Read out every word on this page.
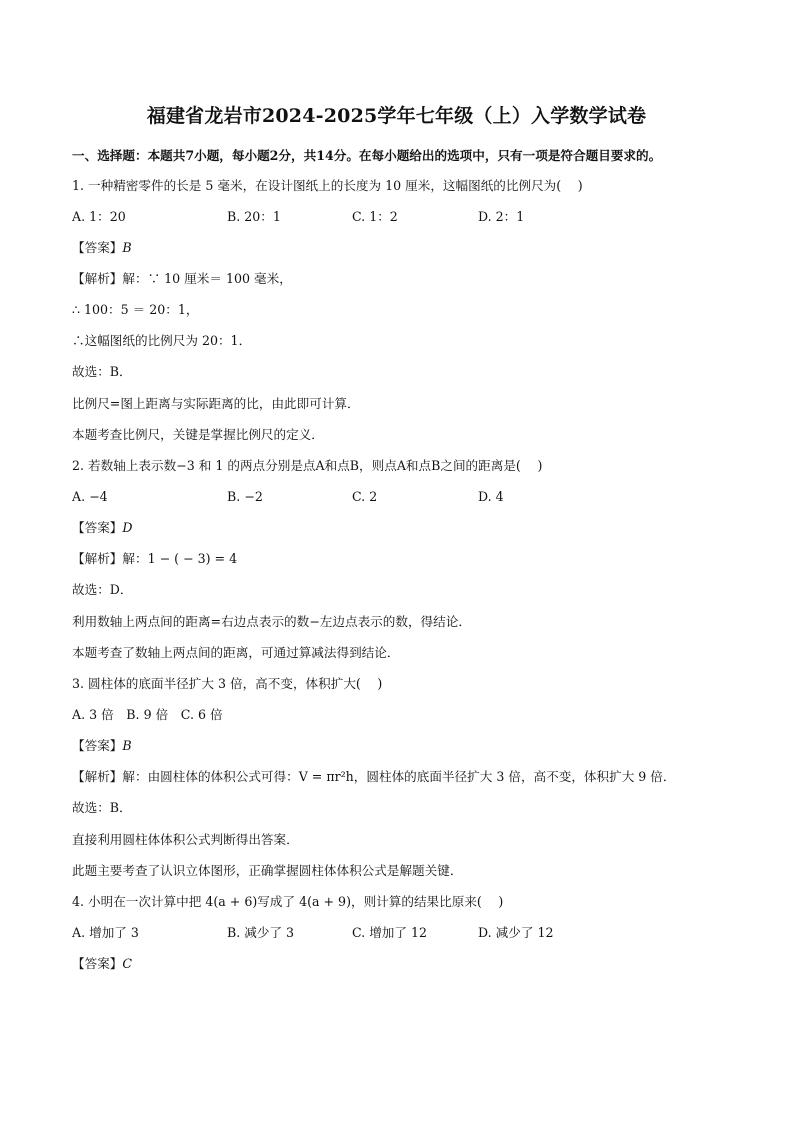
福建省龙岩市2024-2025学年七年级（上）入学数学试卷
一、选择题：本题共7小题，每小题2分，共14分。在每小题给出的选项中，只有一项是符合题目要求的。
1. 一种精密零件的长是 5 毫米，在设计图纸上的长度为 10 厘米，这幅图纸的比例尺为(　 )
A. 1：20	B. 20：1	C. 1：2	D. 2：1
【答案】B
【解析】解：∵ 10 厘米＝ 100 毫米，
∴ 100：5 ＝ 20：1，
∴这幅图纸的比例尺为 20：1．
故选：B．
比例尺=图上距离与实际距离的比，由此即可计算．
本题考查比例尺，关键是掌握比例尺的定义．
2. 若数轴上表示数−3 和 1 的两点分别是点A和点B，则点A和点B之间的距离是(　 )
A. −4	B. −2	C. 2	D. 4
【答案】D
【解析】解：1 − ( − 3) = 4
故选：D．
利用数轴上两点间的距离=右边点表示的数−左边点表示的数，得结论．
本题考查了数轴上两点间的距离，可通过算减法得到结论．
3. 圆柱体的底面半径扩大 3 倍，高不变，体积扩大(　 )
A. 3 倍　B. 9 倍　C. 6 倍
【答案】B
【解析】解：由圆柱体的体积公式可得：V = πr²h，圆柱体的底面半径扩大 3 倍，高不变，体积扩大 9 倍．
故选：B．
直接利用圆柱体体积公式判断得出答案．
此题主要考查了认识立体图形，正确掌握圆柱体体积公式是解题关键．
4. 小明在一次计算中把 4(a + 6)写成了 4(a + 9)，则计算的结果比原来(　 )
A. 增加了 3	B. 减少了 3	C. 增加了 12	D. 减少了 12
【答案】C
